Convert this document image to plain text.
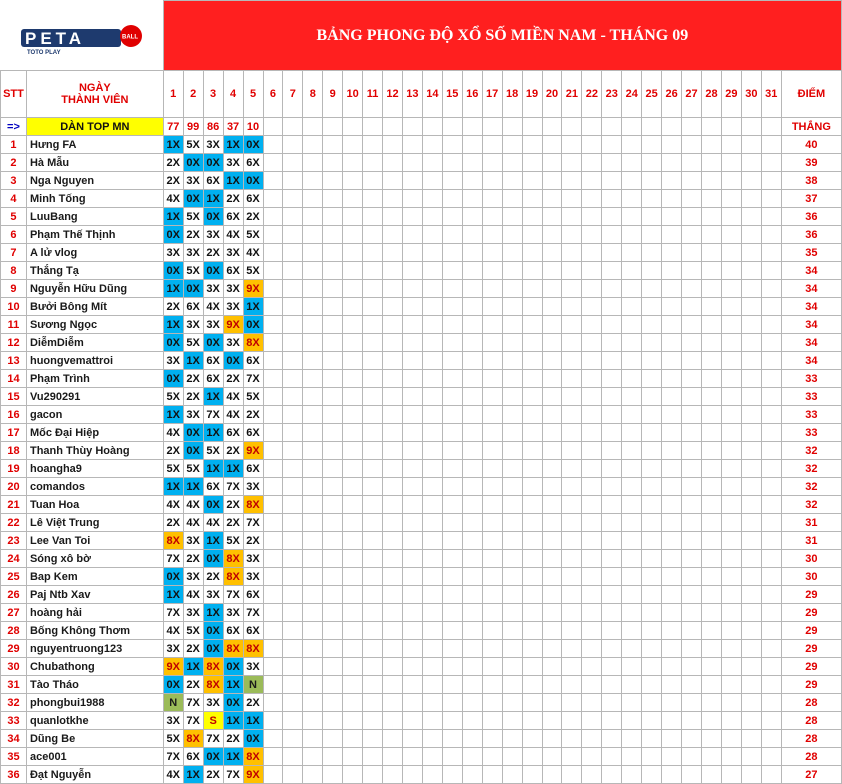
PETA
TOTO PLAY
BALL		BẢNG PHONG ĐỘ XỔ SỐ MIỀN NAM - THÁNG 09																															
STT	NGÀY
THÀNH VIÊN	1	2	3	4	5	6	7	8	9	10	11	12	13	14	15	16	17	18	19	20	21	22	23	24	25	26	27	28	29	30	31	ĐIỂM
=>	DÀN TOP MN	77	99	86	37	10																											THẮNG
1	Hưng FA	1X	5X	3X	1X	0X																											40
2	Hà Mẫu	2X	0X	0X	3X	6X																											39
3	Nga Nguyen	2X	3X	6X	1X	0X																											38
4	Minh Tống	4X	0X	1X	2X	6X																											37
5	LuuBang	1X	5X	0X	6X	2X																											36
6	Phạm Thế Thịnh	0X	2X	3X	4X	5X																											36
7	A lử vlog	3X	3X	2X	3X	4X																											35
8	Thắng Tạ	0X	5X	0X	6X	5X																											34
9	Nguyễn Hữu Dũng	1X	0X	3X	3X	9X																											34
10	Bưởi Bông Mít	2X	6X	4X	3X	1X																											34
11	Sương Ngọc	1X	3X	3X	9X	0X																											34
12	DiễmDiễm	0X	5X	0X	3X	8X																											34
13	huongvemattroi	3X	1X	6X	0X	6X																											34
14	Phạm Trình	0X	2X	6X	2X	7X																											33
15	Vu290291	5X	2X	1X	4X	5X																											33
16	gacon	1X	3X	7X	4X	2X																											33
17	Mốc Đại Hiệp	4X	0X	1X	6X	6X																											33
18	Thanh Thùy Hoàng	2X	0X	5X	2X	9X																											32
19	hoangha9	5X	5X	1X	1X	6X																											32
20	comandos	1X	1X	6X	7X	3X																											32
21	Tuan Hoa	4X	4X	0X	2X	8X																											32
22	Lê Việt Trung	2X	4X	4X	2X	7X																											31
23	Lee Van Toi	8X	3X	1X	5X	2X																											31
24	Sóng xô bờ	7X	2X	0X	8X	3X																											30
25	Bap Kem	0X	3X	2X	8X	3X																											30
26	Paj Ntb Xav	1X	4X	3X	7X	6X																											29
27	hoàng hải	7X	3X	1X	3X	7X																											29
28	Bống Không Thơm	4X	5X	0X	6X	6X																											29
29	nguyentruong123	3X	2X	0X	8X	8X																											29
30	Chubathong	9X	1X	8X	0X	3X																											29
31	Tào Tháo	0X	2X	8X	1X	N																											29
32	phongbui1988	N	7X	3X	0X	2X																											28
33	quanlotkhe	3X	7X	S	1X	1X																											28
34	Dũng Be	5X	8X	7X	2X	0X																											28
35	ace001	7X	6X	0X	1X	8X																											28
36	Đạt Nguyễn	4X	1X	2X	7X	9X																											27
